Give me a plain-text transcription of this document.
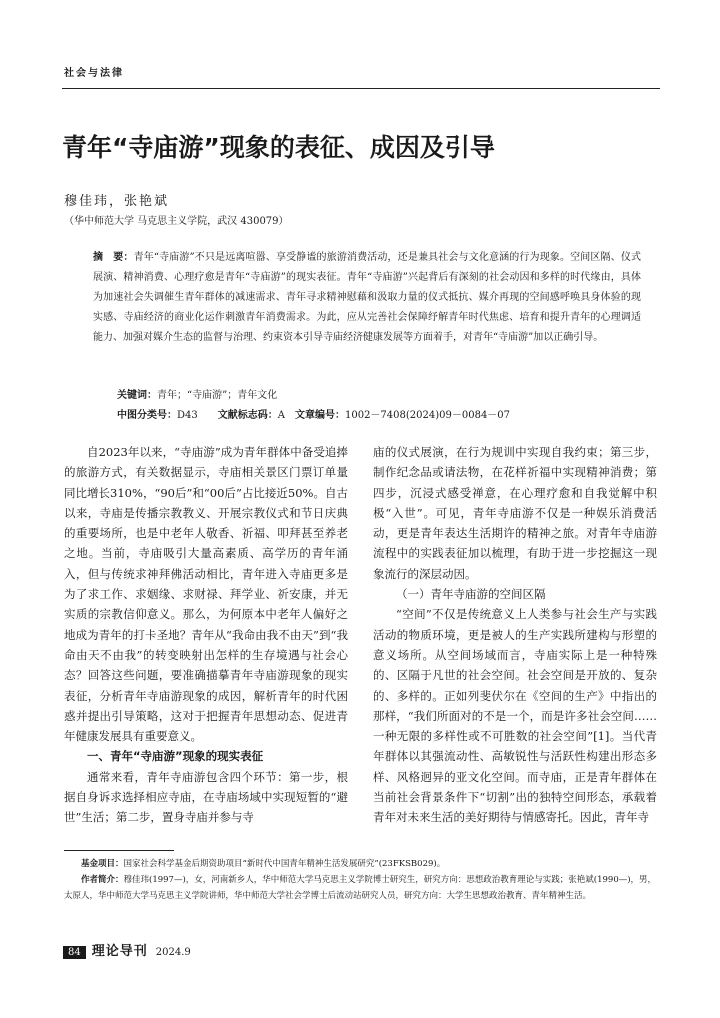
社会与法律
青年“寺庙游”现象的表征、成因及引导
穆佳玮，张艳斌
（华中师范大学 马克思主义学院，武汉 430079）
摘　要：青年“寺庙游”不只是远离喧嚣、享受静谧的旅游消费活动，还是兼具社会与文化意涵的行为现象。空间区隔、仪式展演、精神消费、心理疗愈是青年“寺庙游”的现实表征。青年“寺庙游”兴起背后有深刻的社会动因和多样的时代缘由，具体为加速社会失调催生青年群体的减速需求、青年寻求精神慰藉和汲取力量的仪式抵抗、媒介再现的空间感呼唤具身体验的现实感、寺庙经济的商业化运作刺激青年消费需求。为此，应从完善社会保障纾解青年时代焦虑、培育和提升青年的心理调适能力、加强对媒介生态的监督与治理、约束资本引导寺庙经济健康发展等方面着手，对青年“寺庙游”加以正确引导。
关键词：青年；“寺庙游”；青年文化
中图分类号：D43　　 文献标志码：A　 文章编号：1002－7408(2024)09－0084－07

自2023年以来，“寺庙游”成为青年群体中备受追捧的旅游方式，有关数据显示，寺庙相关景区门票订单量同比增长310%，“90后”和“00后”占比接近50%。自古以来，寺庙是传播宗教教义、开展宗教仪式和节日庆典的重要场所，也是中老年人敬香、祈福、叩拜甚至养老之地。当前，寺庙吸引大量高素质、高学历的青年涌入，但与传统求神拜佛活动相比，青年进入寺庙更多是为了求工作、求姻缘、求财禄、拜学业、祈安康，并无实质的宗教信仰意义。那么，为何原本中老年人偏好之地成为青年的打卡圣地？青年从“我命由我不由天”到“我命由天不由我”的转变映射出怎样的生存境遇与社会心态？回答这些问题，要准确描摹青年寺庙游现象的现实表征，分析青年寺庙游现象的成因，解析青年的时代困惑并提出引导策略，这对于把握青年思想动态、促进青年健康发展具有重要意义。

一、青年“寺庙游”现象的现实表征

通常来看，青年寺庙游包含四个环节：第一步，根据自身诉求选择相应寺庙，在寺庙场域中实现短暂的“避世”生活；第二步，置身寺庙并参与寺

庙的仪式展演，在行为规训中实现自我约束；第三步，制作纪念品或请法物，在花样祈福中实现精神消费；第四步，沉浸式感受禅意，在心理疗愈和自我觉解中积极“入世”。可见，青年寺庙游不仅是一种娱乐消费活动，更是青年表达生活期许的精神之旅。对青年寺庙游流程中的实践表征加以梳理，有助于进一步挖掘这一现象流行的深层动因。

（一）青年寺庙游的空间区隔

“空间”不仅是传统意义上人类参与社会生产与实践活动的物质环境，更是被人的生产实践所建构与形塑的意义场所。从空间场域而言，寺庙实际上是一种特殊的、区隔于凡世的社会空间。社会空间是开放的、复杂的、多样的。正如列斐伏尔在《空间的生产》中指出的那样，“我们所面对的不是一个，而是许多社会空间……一种无限的多样性或不可胜数的社会空间”[1]。当代青年群体以其强流动性、高敏锐性与活跃性构建出形态多样、风格迥异的亚文化空间。而寺庙，正是青年群体在当前社会背景条件下“切割”出的独特空间形态，承载着青年对未来生活的美好期待与情感寄托。因此，青年寺

基金项目：国家社会科学基金后期资助项目“新时代中国青年精神生活发展研究”(23FKSB029)。

作者简介：穆佳玮(1997—)，女，河南新乡人，华中师范大学马克思主义学院博士研究生，研究方向：思想政治教育理论与实践；张艳斌(1990—)，男，太原人，华中师范大学马克思主义学院讲师，华中师范大学社会学博士后流动站研究人员，研究方向：大学生思想政治教育、青年精神生活。

84 理论导刊 2024.9
